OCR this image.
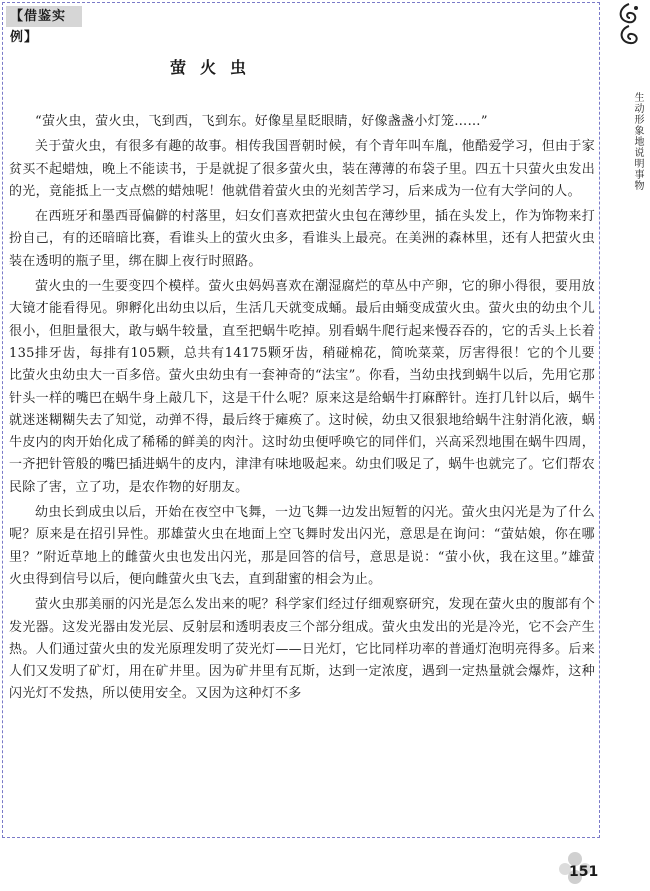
【借鉴实例】
萤火虫

“萤火虫，萤火虫，飞到西，飞到东。好像星星眨眼睛，好像盏盏小灯笼……”

关于萤火虫，有很多有趣的故事。相传我国晋朝时候，有个青年叫车胤，他酷爱学习，但由于家贫买不起蜡烛，晚上不能读书，于是就捉了很多萤火虫，装在薄薄的布袋子里。四五十只萤火虫发出的光，竟能抵上一支点燃的蜡烛呢！他就借着萤火虫的光刻苦学习，后来成为一位有大学问的人。

在西班牙和墨西哥偏僻的村落里，妇女们喜欢把萤火虫包在薄纱里，插在头发上，作为饰物来打扮自己，有的还暗暗比赛，看谁头上的萤火虫多，看谁头上最亮。在美洲的森林里，还有人把萤火虫装在透明的瓶子里，绑在脚上夜行时照路。

萤火虫的一生要变四个模样。萤火虫妈妈喜欢在潮湿腐烂的草丛中产卵，它的卵小得很，要用放大镜才能看得见。卵孵化出幼虫以后，生活几天就变成蛹。最后由蛹变成萤火虫。萤火虫的幼虫个儿很小，但胆量很大，敢与蜗牛较量，直至把蜗牛吃掉。别看蜗牛爬行起来慢吞吞的，它的舌头上长着135排牙齿，每排有105颗，总共有14175颗牙齿，稍碰棉花，简吮菜菜，厉害得很！它的个儿要比萤火虫幼虫大一百多倍。萤火虫幼虫有一套神奇的“法宝”。你看，当幼虫找到蜗牛以后，先用它那针头一样的嘴巴在蜗牛身上敲几下，这是干什么呢？原来这是给蜗牛打麻醉针。连打几针以后，蜗牛就迷迷糊糊失去了知觉，动弹不得，最后终于瘫痪了。这时候，幼虫又很狠地给蜗牛注射消化液，蜗牛皮内的肉开始化成了稀稀的鲜美的肉汁。这时幼虫便呼唤它的同伴们，兴高采烈地围在蜗牛四周，一齐把针管般的嘴巴插进蜗牛的皮内，津津有味地吸起来。幼虫们吸足了，蜗牛也就完了。它们帮农民除了害，立了功，是农作物的好朋友。

幼虫长到成虫以后，开始在夜空中飞舞，一边飞舞一边发出短暂的闪光。萤火虫闪光是为了什么呢？原来是在招引异性。那雄萤火虫在地面上空飞舞时发出闪光，意思是在询问：“萤姑娘，你在哪里？”附近草地上的雌萤火虫也发出闪光，那是回答的信号，意思是说：“萤小伙，我在这里。”雄萤火虫得到信号以后，便向雌萤火虫飞去，直到甜蜜的相会为止。

萤火虫那美丽的闪光是怎么发出来的呢？科学家们经过仔细观察研究，发现在萤火虫的腹部有个发光器。这发光器由发光层、反射层和透明表皮三个部分组成。萤火虫发出的光是冷光，它不会产生热。人们通过萤火虫的发光原理发明了荧光灯——日光灯，它比同样功率的普通灯泡明亮得多。后来人们又发明了矿灯，用在矿井里。因为矿井里有瓦斯，达到一定浓度，遇到一定热量就会爆炸，这种闪光灯不发热，所以使用安全。又因为这种灯不多

生动形象地说明事物
151
